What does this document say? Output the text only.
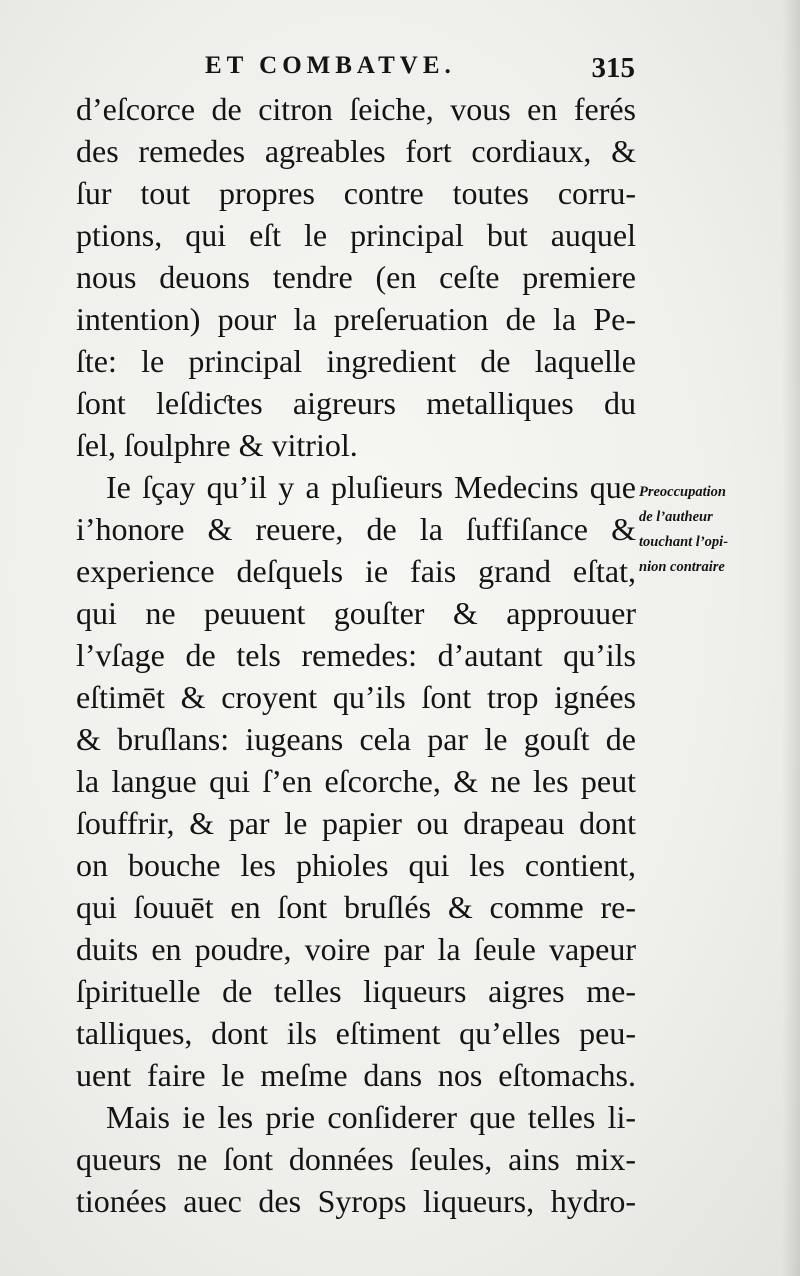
ET COMBATVE.	315
d’eſcorce de citron ſeiche, vous en ferés
des remedes agreables fort cordiaux, &
ſur tout propres contre toutes corru-
ptions, qui eſt le principal but auquel
nous deuons tendre (en ceſte premiere
intention) pour la preſeruation de la Pe-
ſte: le principal ingredient de laquelle
ſont leſdiƈtes aigreurs metalliques du
ſel, ſoulphre & vitriol.
Ie ſçay qu’il y a pluſieurs Medecins que
i’honore & reuere, de la ſuffiſance &
experience deſquels ie fais grand eſtat,
qui ne peuuent gouſter & approuuer
l’vſage de tels remedes: d’autant qu’ils
eſtimēt & croyent qu’ils ſont trop ignées
& bruſlans: iugeans cela par le gouſt de
la langue qui ſ’en eſcorche, & ne les peut
ſouffrir, & par le papier ou drapeau dont
on bouche les phioles qui les contient,
qui ſouuēt en ſont bruſlés & comme re-
duits en poudre, voire par la ſeule vapeur
ſpirituelle de telles liqueurs aigres me-
talliques, dont ils eſtiment qu’elles peu-
uent faire le meſme dans nos eſtomachs.
Mais ie les prie conſiderer que telles li-
queurs ne ſont données ſeules, ains mix-
tionées auec des Syrops liqueurs, hydro-
Preoccupation
de l’autheur
touchant l’opi-
nion contraire
